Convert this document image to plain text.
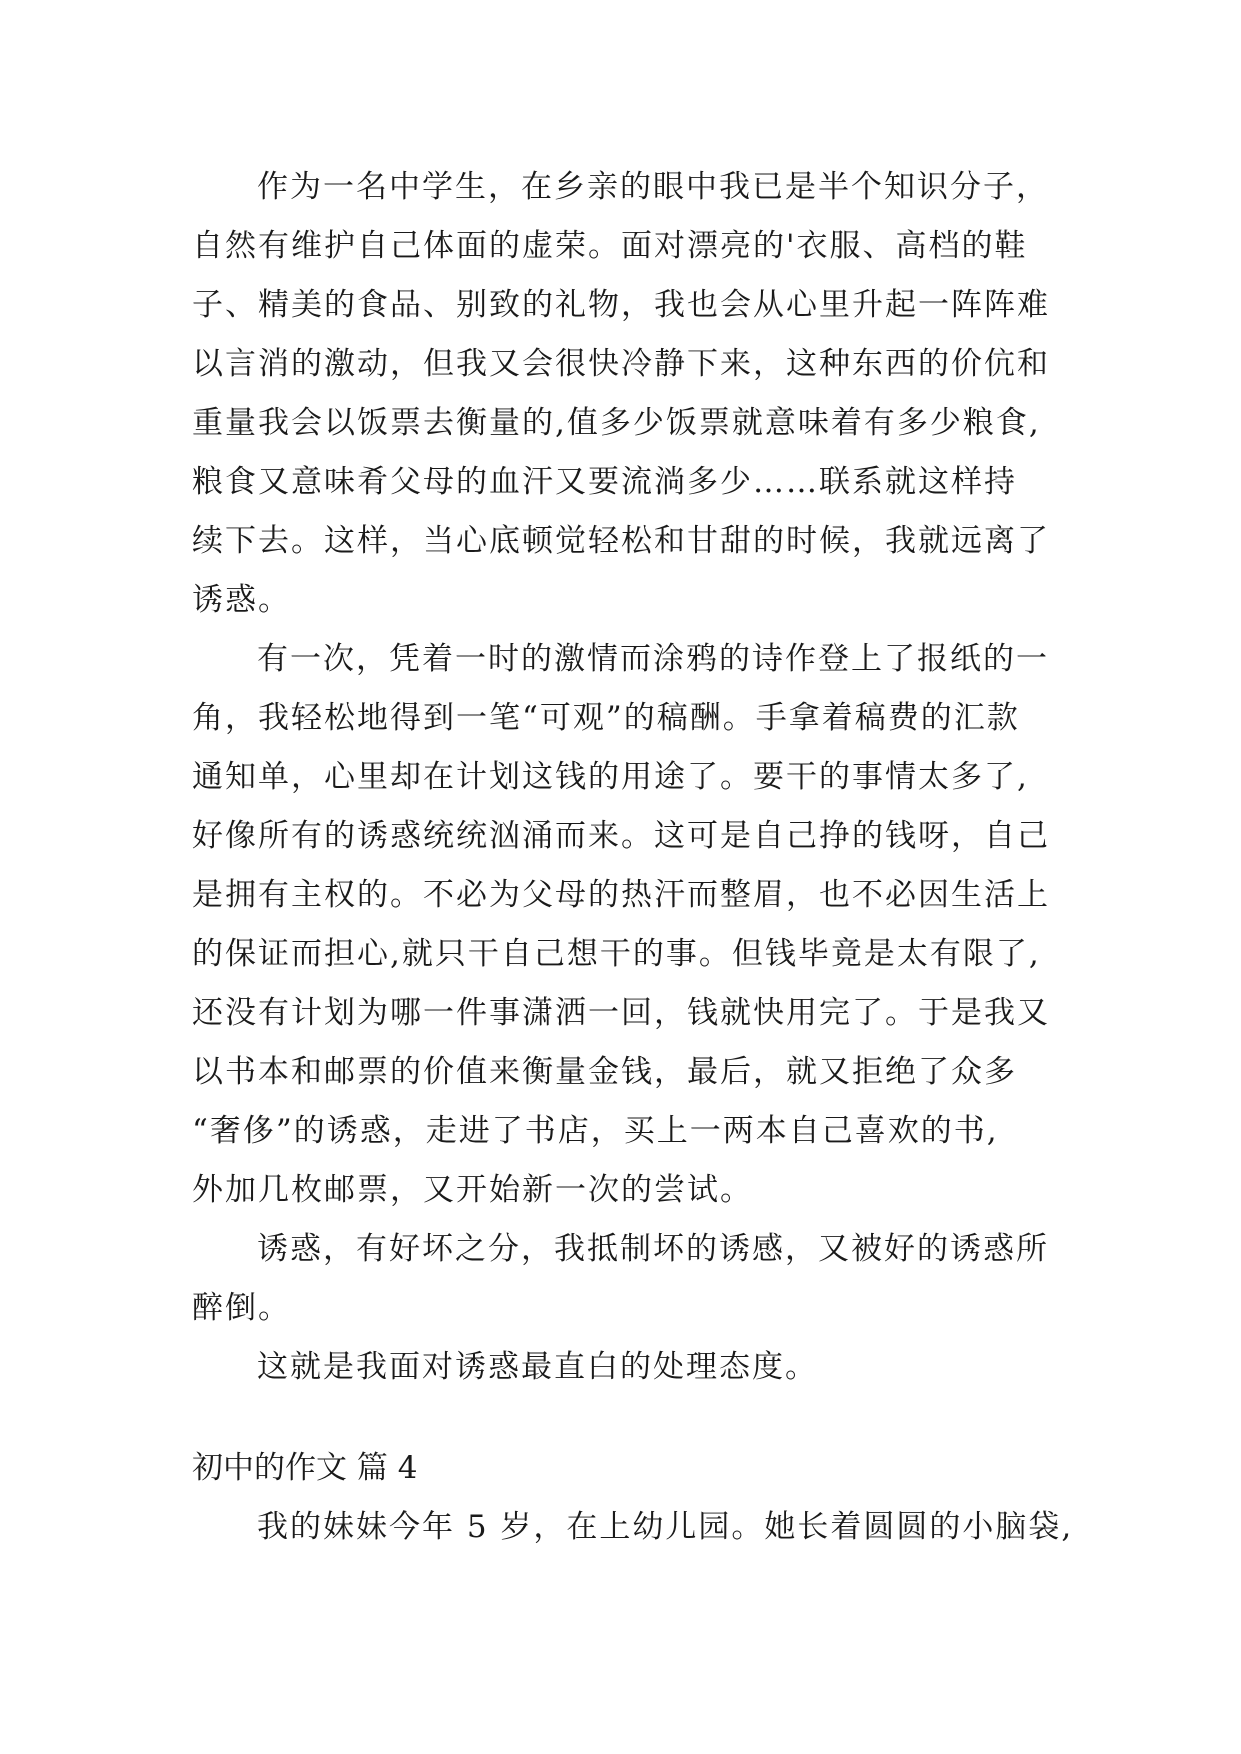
作为一名中学生，在乡亲的眼中我已是半个知识分子，
自然有维护自己体面的虚荣。面对漂亮的'衣服、高档的鞋
子、精美的食品、别致的礼物，我也会从心里升起一阵阵难
以言消的激动，但我又会很快冷静下来，这种东西的价伉和
重量我会以饭票去衡量的,值多少饭票就意味着有多少粮食,
粮食又意味肴父母的血汗又要流淌多少……联系就这样持
续下去。这样，当心底顿觉轻松和甘甜的时候，我就远离了
诱惑。
有一次，凭着一时的激情而涂鸦的诗作登上了报纸的一
角，我轻松地得到一笔“可观”的稿酬。手拿着稿费的汇款
通知单，心里却在计划这钱的用途了。要干的事情太多了,
好像所有的诱惑统统汹涌而来。这可是自己挣的钱呀，自己
是拥有主权的。不必为父母的热汗而整眉，也不必因生活上
的保证而担心,就只干自己想干的事。但钱毕竟是太有限了,
还没有计划为哪一件事潇洒一回，钱就快用完了。于是我又
以书本和邮票的价值来衡量金钱，最后，就又拒绝了众多
“奢侈”的诱惑，走进了书店，买上一两本自己喜欢的书,
外加几枚邮票，又开始新一次的尝试。
诱惑，有好坏之分，我抵制坏的诱感，又被好的诱惑所
醉倒。
这就是我面对诱惑最直白的处理态度。
初中的作文 篇 4
我的妹妹今年 5 岁，在上幼儿园。她长着圆圆的小脑袋,
